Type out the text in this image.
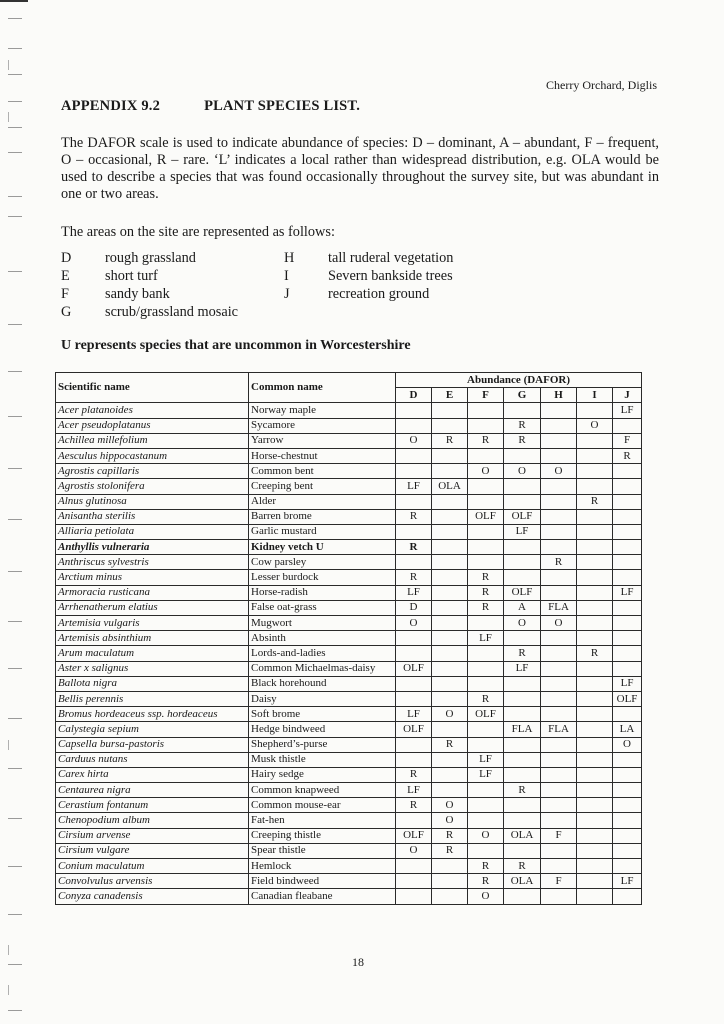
Cherry Orchard, Diglis
APPENDIX 9.2	PLANT SPECIES LIST.
The DAFOR scale is used to indicate abundance of species: D – dominant, A – abundant, F – frequent, O – occasional, R – rare. ‘L’ indicates a local rather than widespread distribution, e.g. OLA would be used to describe a species that was found occasionally throughout the survey site, but was abundant in one or two areas.
The areas on the site are represented as follows:
D	rough grassland
E	short turf
F	sandy bank
G	scrub/grassland mosaic
H	tall ruderal vegetation
I	Severn bankside trees
J	recreation ground
U represents species that are uncommon in Worcestershire
Scientific name	Common name	Abundance (DAFOR)						
		D	E	F	G	H	I	J
Acer platanoides	Norway maple							LF
Acer pseudoplatanus	Sycamore				R		O	
Achillea millefolium	Yarrow	O	R	R	R			F
Aesculus hippocastanum	Horse-chestnut							R
Agrostis capillaris	Common bent			O	O	O		
Agrostis stolonifera	Creeping bent	LF	OLA					
Alnus glutinosa	Alder						R	
Anisantha sterilis	Barren brome	R		OLF	OLF			
Alliaria petiolata	Garlic mustard				LF			
Anthyllis vulneraria	Kidney vetch U	R						
Anthriscus sylvestris	Cow parsley					R		
Arctium minus	Lesser burdock	R		R				
Armoracia rusticana	Horse-radish	LF		R	OLF			LF
Arrhenatherum elatius	False oat-grass	D		R	A	FLA		
Artemisia vulgaris	Mugwort	O			O	O		
Artemisis absinthium	Absinth			LF				
Arum maculatum	Lords-and-ladies				R		R	
Aster x salignus	Common Michaelmas-daisy	OLF			LF			
Ballota nigra	Black horehound							LF
Bellis perennis	Daisy			R				OLF
Bromus hordeaceus ssp. hordeaceus	Soft brome	LF	O	OLF				
Calystegia sepium	Hedge bindweed	OLF			FLA	FLA		LA
Capsella bursa-pastoris	Shepherd’s-purse		R					O
Carduus nutans	Musk thistle			LF				
Carex hirta	Hairy sedge	R		LF				
Centaurea nigra	Common knapweed	LF			R			
Cerastium fontanum	Common mouse-ear	R	O					
Chenopodium album	Fat-hen		O					
Cirsium arvense	Creeping thistle	OLF	R	O	OLA	F		
Cirsium vulgare	Spear thistle	O	R					
Conium maculatum	Hemlock			R	R			
Convolvulus arvensis	Field bindweed			R	OLA	F		LF
Conyza canadensis	Canadian fleabane			O				
18
